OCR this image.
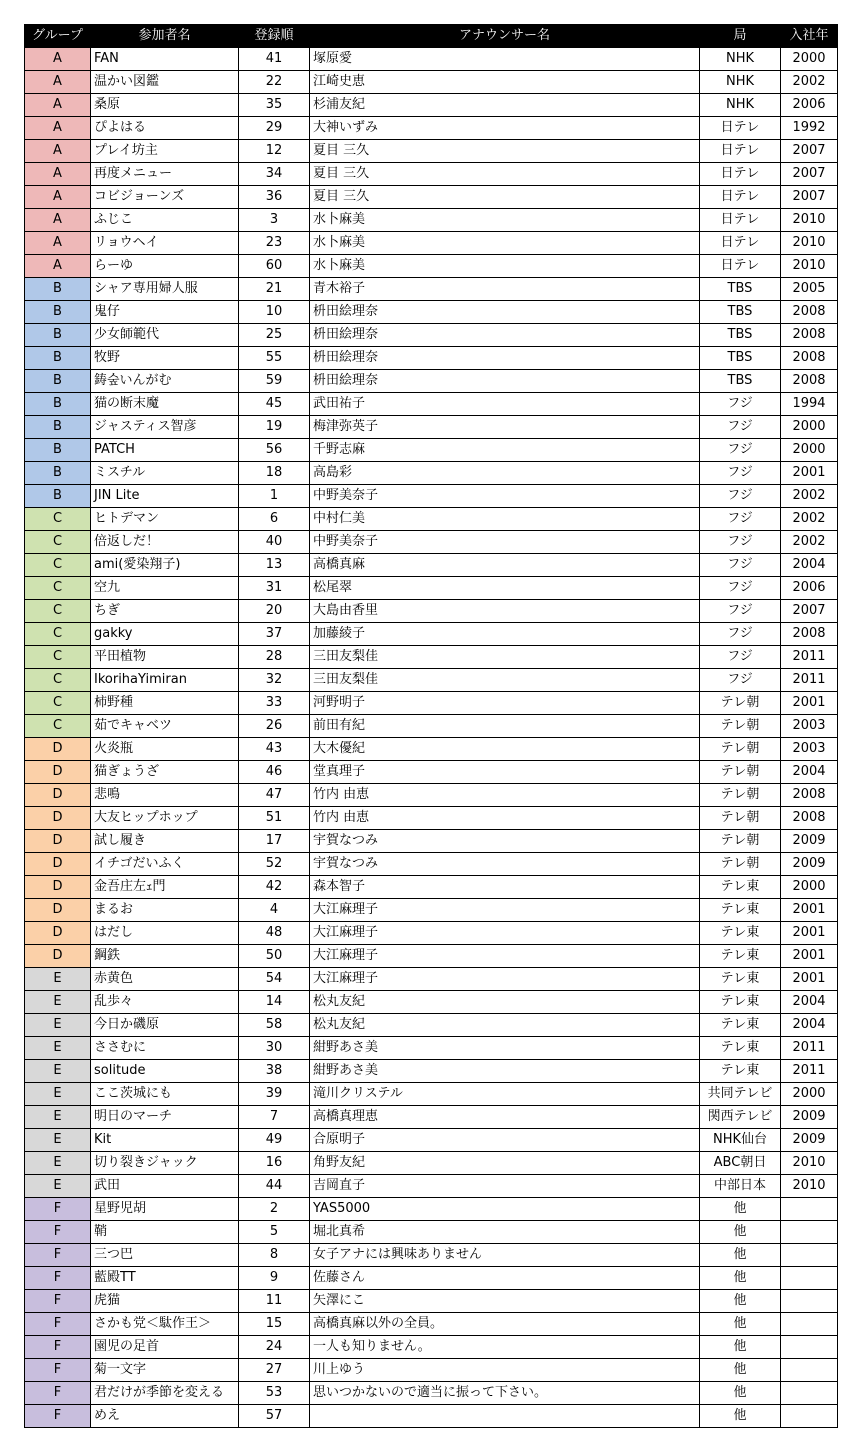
グループ	参加者名	登録順	アナウンサー名	局	入社年
A	FAN	41	塚原愛	NHK	2000
A	温かい図鑑	22	江崎史恵	NHK	2002
A	桑原	35	杉浦友紀	NHK	2006
A	ぴよはる	29	大神いずみ	日テレ	1992
A	プレイ坊主	12	夏目 三久	日テレ	2007
A	再度メニュー	34	夏目 三久	日テレ	2007
A	コビジョーンズ	36	夏目 三久	日テレ	2007
A	ふじこ	3	水卜麻美	日テレ	2010
A	リョウヘイ	23	水卜麻美	日テレ	2010
A	らーゆ	60	水卜麻美	日テレ	2010
B	シャア専用婦人服	21	青木裕子	TBS	2005
B	鬼仔	10	枡田絵理奈	TBS	2008
B	少女師範代	25	枡田絵理奈	TBS	2008
B	牧野	55	枡田絵理奈	TBS	2008
B	鋳숲いんがむ	59	枡田絵理奈	TBS	2008
B	猫の断末魔	45	武田祐子	フジ	1994
B	ジャスティス智彦	19	梅津弥英子	フジ	2000
B	PATCH	56	千野志麻	フジ	2000
B	ミスチル	18	高島彩	フジ	2001
B	JIN Lite	1	中野美奈子	フジ	2002
C	ヒトデマン	6	中村仁美	フジ	2002
C	倍返しだ！	40	中野美奈子	フジ	2002
C	ami(愛染翔子)	13	高橋真麻	フジ	2004
C	空九	31	松尾翠	フジ	2006
C	ちぎ	20	大島由香里	フジ	2007
C	gakky	37	加藤綾子	フジ	2008
C	平田植物	28	三田友梨佳	フジ	2011
C	IkorihaYimiran	32	三田友梨佳	フジ	2011
C	柿野種	33	河野明子	テレ朝	2001
C	茹でキャベツ	26	前田有紀	テレ朝	2003
D	火炎瓶	43	大木優紀	テレ朝	2003
D	猫ぎょうざ	46	堂真理子	テレ朝	2004
D	悲鳴	47	竹内 由恵	テレ朝	2008
D	大友ヒップホップ	51	竹内 由恵	テレ朝	2008
D	試し履き	17	宇賀なつみ	テレ朝	2009
D	イチゴだいふく	52	宇賀なつみ	テレ朝	2009
D	金吾庄左ｪ門	42	森本智子	テレ東	2000
D	まるお	4	大江麻理子	テレ東	2001
D	はだし	48	大江麻理子	テレ東	2001
D	鋼鉄	50	大江麻理子	テレ東	2001
E	赤黄色	54	大江麻理子	テレ東	2001
E	乱歩々	14	松丸友紀	テレ東	2004
E	今日か磯原	58	松丸友紀	テレ東	2004
E	ささむに	30	紺野あさ美	テレ東	2011
E	solitude	38	紺野あさ美	テレ東	2011
E	ここ茨城にも	39	滝川クリステル	共同テレビ	2000
E	明日のマーチ	7	高橋真理恵	関西テレビ	2009
E	Kit	49	合原明子	NHK仙台	2009
E	切り裂きジャック	16	角野友紀	ABC朝日	2010
E	武田	44	吉岡直子	中部日本	2010
F	星野児胡	2	YAS5000	他	
F	鞘	5	堀北真希	他	
F	三つ巴	8	女子アナには興味ありません	他	
F	藍殿TT	9	佐藤さん	他	
F	虎猫	11	矢澤にこ	他	
F	さかも党＜駄作王＞	15	高橋真麻以外の全員。	他	
F	園児の足首	24	一人も知りません。	他	
F	菊一文字	27	川上ゆう	他	
F	君だけが季節を変える	53	思いつかないので適当に振って下さい。	他	
F	めえ	57		他	
